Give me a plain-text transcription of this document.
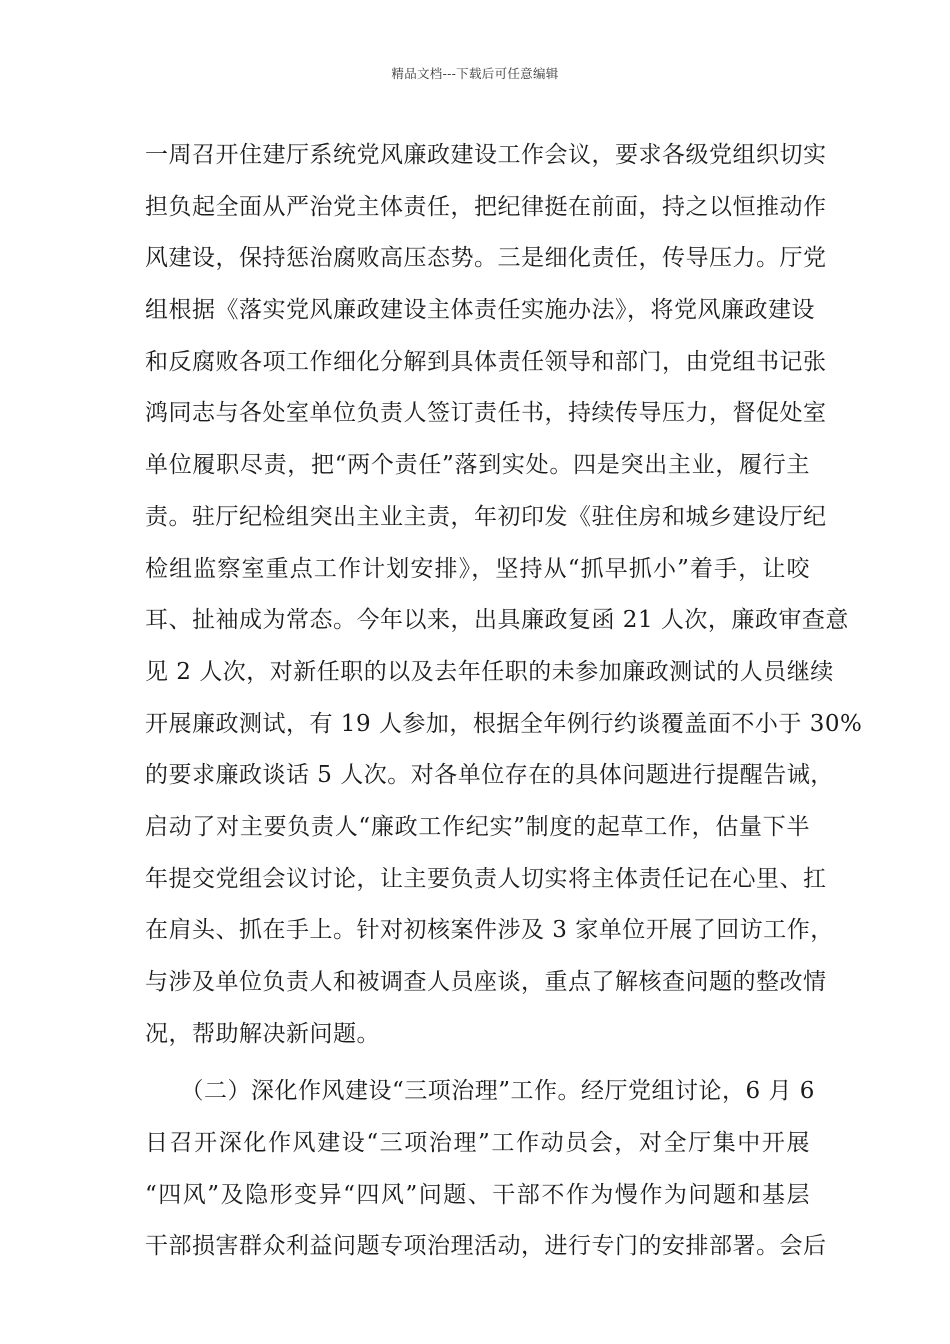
精品文档---下载后可任意编辑
一周召开住建厅系统党风廉政建设工作会议，要求各级党组织切实
担负起全面从严治党主体责任，把纪律挺在前面，持之以恒推动作
风建设，保持惩治腐败高压态势。三是细化责任，传导压力。厅党
组根据《落实党风廉政建设主体责任实施办法》，将党风廉政建设
和反腐败各项工作细化分解到具体责任领导和部门，由党组书记张
鸿同志与各处室单位负责人签订责任书，持续传导压力，督促处室
单位履职尽责，把“两个责任”落到实处。四是突出主业，履行主
责。驻厅纪检组突出主业主责，年初印发《驻住房和城乡建设厅纪
检组监察室重点工作计划安排》，坚持从“抓早抓小”着手，让咬
耳、扯袖成为常态。今年以来，出具廉政复函 21 人次，廉政审查意
见 2 人次，对新任职的以及去年任职的未参加廉政测试的人员继续
开展廉政测试，有 19 人参加，根据全年例行约谈覆盖面不小于 30%
的要求廉政谈话 5 人次。对各单位存在的具体问题进行提醒告诫，
启动了对主要负责人“廉政工作纪实”制度的起草工作，估量下半
年提交党组会议讨论，让主要负责人切实将主体责任记在心里、扛
在肩头、抓在手上。针对初核案件涉及 3 家单位开展了回访工作，
与涉及单位负责人和被调查人员座谈，重点了解核查问题的整改情
况，帮助解决新问题。
　　（二）深化作风建设“三项治理”工作。经厅党组讨论，6 月 6
日召开深化作风建设“三项治理”工作动员会，对全厅集中开展
“四风”及隐形变异“四风”问题、干部不作为慢作为问题和基层
干部损害群众利益问题专项治理活动，进行专门的安排部署。会后
